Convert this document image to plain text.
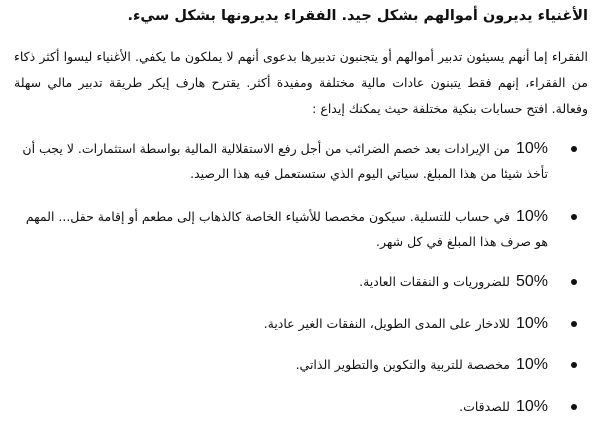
الأغنياء يديرون أموالهم بشكل جيد. الفقراء يديرونها بشكل سيء.
الفقراء إما أنهم يسيئون تدبير أموالهم أو يتجنبون تدبيرها بدعوى أنهم لا يملكون ما يكفي. الأغنياء ليسوا أكثر ذكاء من الفقراء، إنهم فقط يتبنون عادات مالية مختلفة ومفيدة أكثر. يقترح هارف إيكر طريقة تدبير مالي سهلة وفعالة. افتح حسابات بنكية مختلفة حيث يمكنك إيداع :
10% من الإيرادات بعد خصم الضرائب من أجل رفع الاستقلالية المالية بواسطة استثمارات. لا يجب أن تأخذ شيئا من هذا المبلغ. سياتي اليوم الذي ستستعمل فيه هذا الرصيد.
10% في حساب للتسلية. سيكون مخصصا للأشياء الخاصة كالذهاب إلى مطعم أو إقامة حفل... المهم هو صرف هذا المبلغ في كل شهر.
50% للضروريات و النفقات العادية.
10% للادخار على المدى الطويل، النفقات الغير عادية.
10% مخصصة للتربية والتكوين والتطوير الذاتي.
10% للصدقات.
